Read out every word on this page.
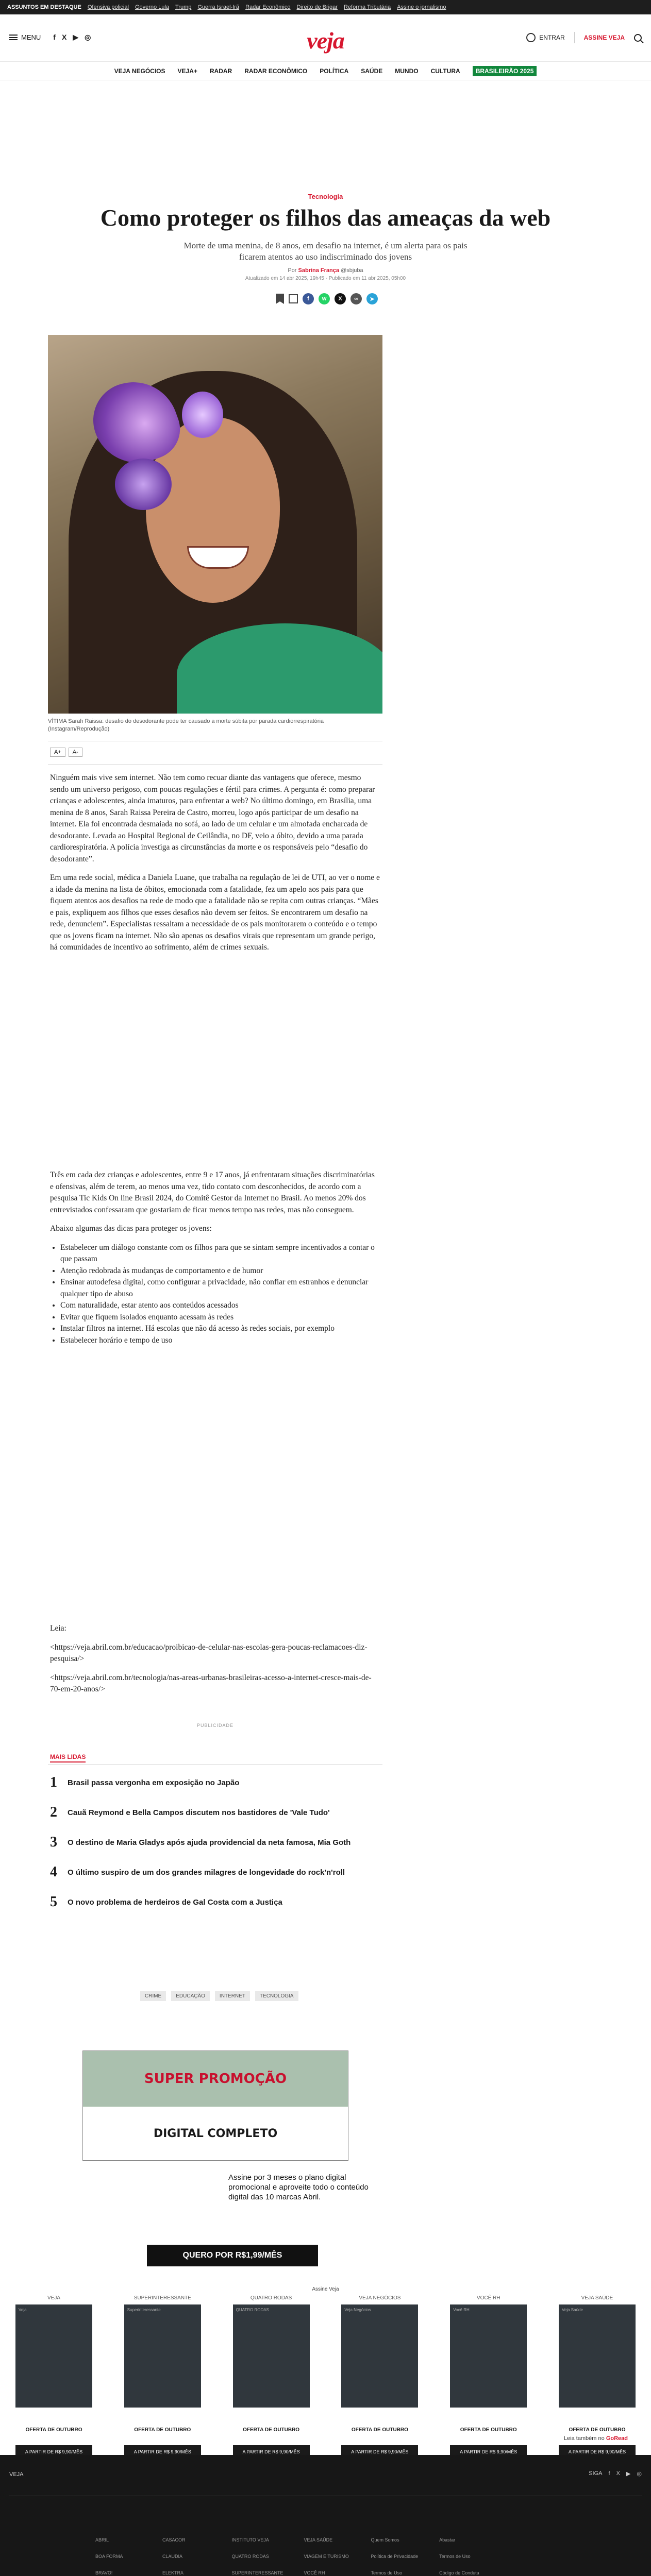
ASSUNTOS EM DESTAQUE Ofensiva policial Governo Lula Trump Guerra Israel-Irã Radar Econômico Direito de Brigar Reforma Tributária Assine o jornalismo
MENU f X ▶ ◎	veja	ENTRAR	ASSINE VEJA
VEJA NEGÓCIOS VEJA+ RADAR RADAR ECONÔMICO POLÍTICA SAÚDE MUNDO CULTURA	BRASILEIRÃO 2025
Tecnologia
Como proteger os filhos das ameaças da web
Morte de uma menina, de 8 anos, em desafio na internet, é um alerta para os pais ficarem atentos ao uso indiscriminado dos jovens
Por Sabrina França @sbjuba
Atualizado em 14 abr 2025, 19h45 - Publicado em 11 abr 2025, 05h00
f	w	X	∞	➤
VÍTIMA Sarah Raissa: desafio do desodorante pode ter causado a morte súbita por parada cardiorrespiratória (Instagram/Reprodução)
A+	A-

Ninguém mais vive sem internet. Não tem como recuar diante das vantagens que oferece, mesmo sendo um universo perigoso, com poucas regulações e fértil para crimes. A pergunta é: como preparar crianças e adolescentes, ainda imaturos, para enfrentar a web? No último domingo, em Brasília, uma menina de 8 anos, Sarah Raissa Pereira de Castro, morreu, logo após participar de um desafio na internet. Ela foi encontrada desmaiada no sofá, ao lado de um celular e um almofada encharcada de desodorante. Levada ao Hospital Regional de Ceilândia, no DF, veio a óbito, devido a uma parada cardiorespiratória. A polícia investiga as circunstâncias da morte e os responsáveis pelo “desafio do desodorante”.

Em uma rede social, médica a Daniela Luane, que trabalha na regulação de lei de UTI, ao ver o nome e a idade da menina na lista de óbitos, emocionada com a fatalidade, fez um apelo aos pais para que fiquem atentos aos desafios na rede de modo que a fatalidade não se repita com outras crianças. “Mães e pais, expliquem aos filhos que esses desafios não devem ser feitos. Se encontrarem um desafio na rede, denunciem”. Especialistas ressaltam a necessidade de os pais monitorarem o conteúdo e o tempo que os jovens ficam na internet. Não são apenas os desafios virais que representam um grande perigo, há comunidades de incentivo ao sofrimento, além de crimes sexuais.

Três em cada dez crianças e adolescentes, entre 9 e 17 anos, já enfrentaram situações discriminatórias e ofensivas, além de terem, ao menos uma vez, tido contato com desconhecidos, de acordo com a pesquisa Tic Kids On line Brasil 2024, do Comitê Gestor da Internet no Brasil. Ao menos 20% dos entrevistados confessaram que gostariam de ficar menos tempo nas redes, mas não conseguem.

Abaixo algumas das dicas para proteger os jovens:

• Estabelecer um diálogo constante com os filhos para que se sintam sempre incentivados a contar o que passam
• Atenção redobrada às mudanças de comportamento e de humor
• Ensinar autodefesa digital, como configurar a privacidade, não confiar em estranhos e denunciar qualquer tipo de abuso
• Com naturalidade, estar atento aos conteúdos acessados
• Evitar que fiquem isolados enquanto acessam às redes
• Instalar filtros na internet. Há escolas que não dá acesso às redes sociais, por exemplo
• Estabelecer horário e tempo de uso

Leia:

<https://veja.abril.com.br/educacao/proibicao-de-celular-nas-escolas-gera-poucas-reclamacoes-diz-pesquisa/>

<https://veja.abril.com.br/tecnologia/nas-areas-urbanas-brasileiras-acesso-a-internet-cresce-mais-de-70-em-20-anos/>

PUBLICIDADE
MAIS LIDAS
1 Brasil passa vergonha em exposição no Japão
2 Cauã Reymond e Bella Campos discutem nos bastidores de 'Vale Tudo'
3 O destino de Maria Gladys após ajuda providencial da neta famosa, Mia Goth
4 O último suspiro de um dos grandes milagres de longevidade do rock'n'roll
5 O novo problema de herdeiros de Gal Costa com a Justiça
CRIME	EDUCAÇÃO	INTERNET	TECNOLOGIA
SUPER PROMOÇÃO
DIGITAL COMPLETO
Assine por 3 meses o plano digital promocional e aproveite todo o conteúdo digital das 10 marcas Abril.
QUERO POR R$1,99/MÊS
Assine Veja
VEJA
Veja
OFERTA DE OUTUBRO
A PARTIR DE R$ 9,90/MÊS
SUPERINTERESSANTE
Superinteressante
OFERTA DE OUTUBRO
A PARTIR DE R$ 9,90/MÊS
QUATRO RODAS
QUATRO RODAS
OFERTA DE OUTUBRO
A PARTIR DE R$ 9,90/MÊS
VEJA NEGÓCIOS
Veja Negócios
OFERTA DE OUTUBRO
A PARTIR DE R$ 9,90/MÊS
VOCÊ RH
Você RH
OFERTA DE OUTUBRO
A PARTIR DE R$ 9,90/MÊS
VEJA SAÚDE
Veja Saúde
OFERTA DE OUTUBRO
A PARTIR DE R$ 9,90/MÊS
Leia também no GoRead
VEJA	SIGA f X ▶ ◎
ABRIL
BOA FORMA
BRAVO!
CASACOR
CLAUDIA
ELEKTRA
INSTITUTO VEJA
QUATRO RODAS
SUPERINTERESSANTE
VEJA SAÚDE
VIAGEM E TURISMO
VOCÊ RH
Quem Somos
Política de Privacidade
Termos de Uso
Abastar
Termos de Uso
Código de Conduta
